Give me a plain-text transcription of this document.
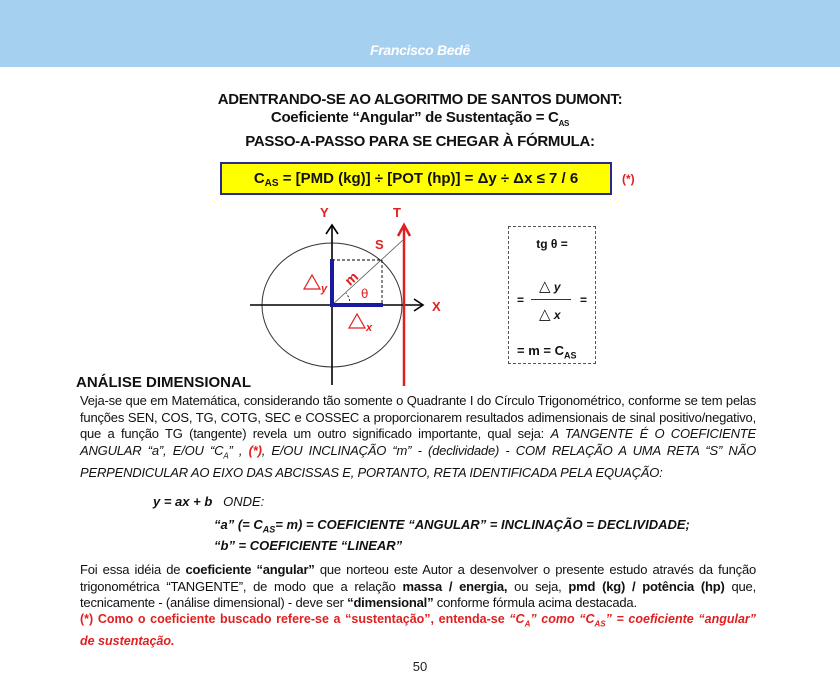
Francisco Bedê
ADENTRANDO-SE AO ALGORITMO DE SANTOS DUMONT:
Coeficiente “Angular” de Sustentação = $C_{AS}$
PASSO-A-PASSO PARA SE CHEGAR À FÓRMULA:
$C_{AS} = [PMD$ (kg)] ÷ [POT (hp)] = Δy ÷ Δx ≤ 7 / 6	(*)
Y	T
S
X
m
θ
y
x
tg θ =
=
△ y
△ x
=
= $m = C_{AS}$
ANÁLISE DIMENSIONAL
Veja-se que em Matemática, considerando tão somente o Quadrante I do Círculo Trigonométrico, conforme se tem pelas funções SEN, COS, TG, COTG, SEC e COSSEC a proporcionarem resultados adimensionais de sinal positivo/negativo, que a função TG (tangente) revela um outro significado importante, qual seja: A TANGENTE É O COEFICIENTE ANGULAR “a”, E/OU “$C_A$” , (*), E/OU INCLINAÇÃO “m” - (declividade) - COM RELAÇÃO A UMA RETA “S” NÃO PERPENDICULAR AO EIXO DAS ABCISSAS E, PORTANTO, RETA IDENTIFICADA PELA EQUAÇÃO:
y = ax + b ONDE:
“a” (= $C_{AS}= m$) = COEFICIENTE “ANGULAR” = INCLINAÇÃO = DECLIVIDADE;
“b” = COEFICIENTE “LINEAR”
Foi essa idéia de coeficiente “angular” que norteou este Autor a desenvolver o presente estudo através da função trigonométrica “TANGENTE”, de modo que a relação massa / energia, ou seja, pmd (kg) / potência (hp) que, tecnicamente - (análise dimensional) - deve ser “dimensional” conforme fórmula acima destacada.
(*) Como o coeficiente buscado refere-se a “sustentação”, entenda-se “$C_A$” como “$C_{AS}$” = coeficiente “angular” de sustentação.
50
